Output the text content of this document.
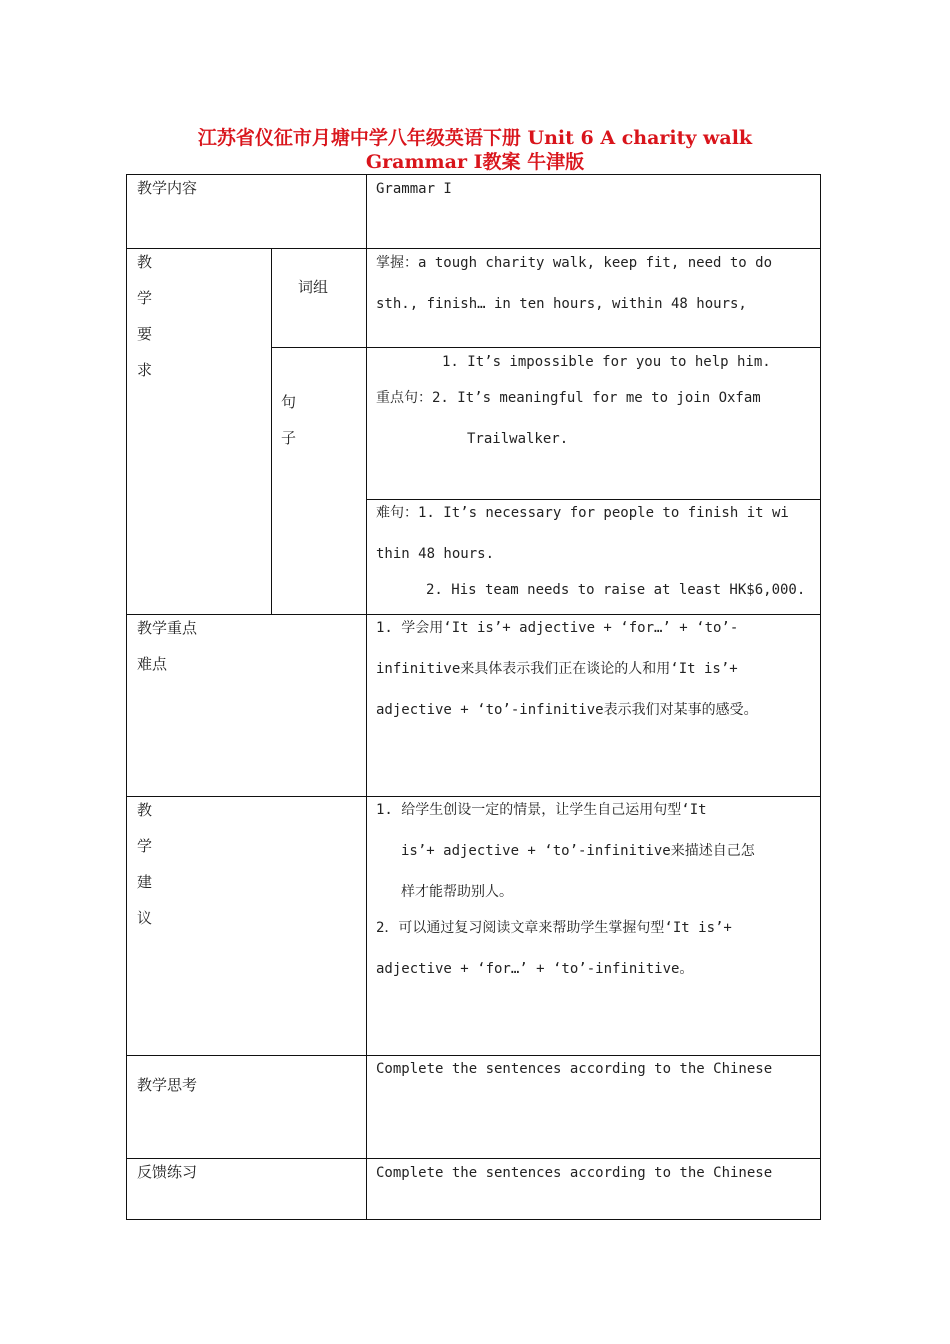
江苏省仪征市月塘中学八年级英语下册 Unit 6 A charity walk
Grammar I教案 牛津版
教学内容	Grammar I
教
学
要
求
词组
掌握：a tough charity walk, keep fit, need to do
sth., finish… in ten hours, within 48 hours,
句
子
1. It’s impossible for you to help him.
重点句：2. It’s meaningful for me to join Oxfam
Trailwalker.
难句：1. It’s necessary for people to finish it wi
thin 48 hours.
2. His team needs to raise at least HK$6,000.
教学重点
难点
1. 学会用‘It is’+ adjective + ‘for…’ + ‘to’-
infinitive来具体表示我们正在谈论的人和用‘It is’+
adjective + ‘to’-infinitive表示我们对某事的感受。
教
学
建
议
1. 给学生创设一定的情景，让学生自己运用句型‘It
is’+ adjective + ‘to’-infinitive来描述自己怎
样才能帮助别人。
2．可以通过复习阅读文章来帮助学生掌握句型‘It is’+
adjective + ‘for…’ + ‘to’-infinitive。
教学思考
Complete the sentences according to the Chinese
反馈练习	Complete the sentences according to the Chinese
